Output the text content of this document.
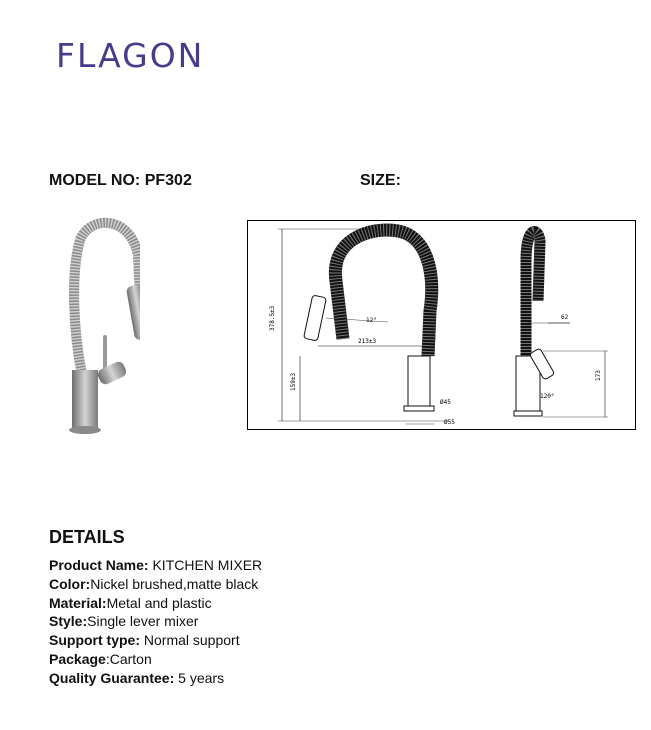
FLAGON
MODEL NO: PF302	SIZE:
378.5±3
159±3
213±3
12°
Ø45
Ø55
62
173
120°
DETAILS
Product Name: KITCHEN MIXER
Color:Nickel brushed,matte black
Material:Metal and plastic
Style:Single lever mixer
Support type: Normal support
Package:Carton
Quality Guarantee: 5 years
